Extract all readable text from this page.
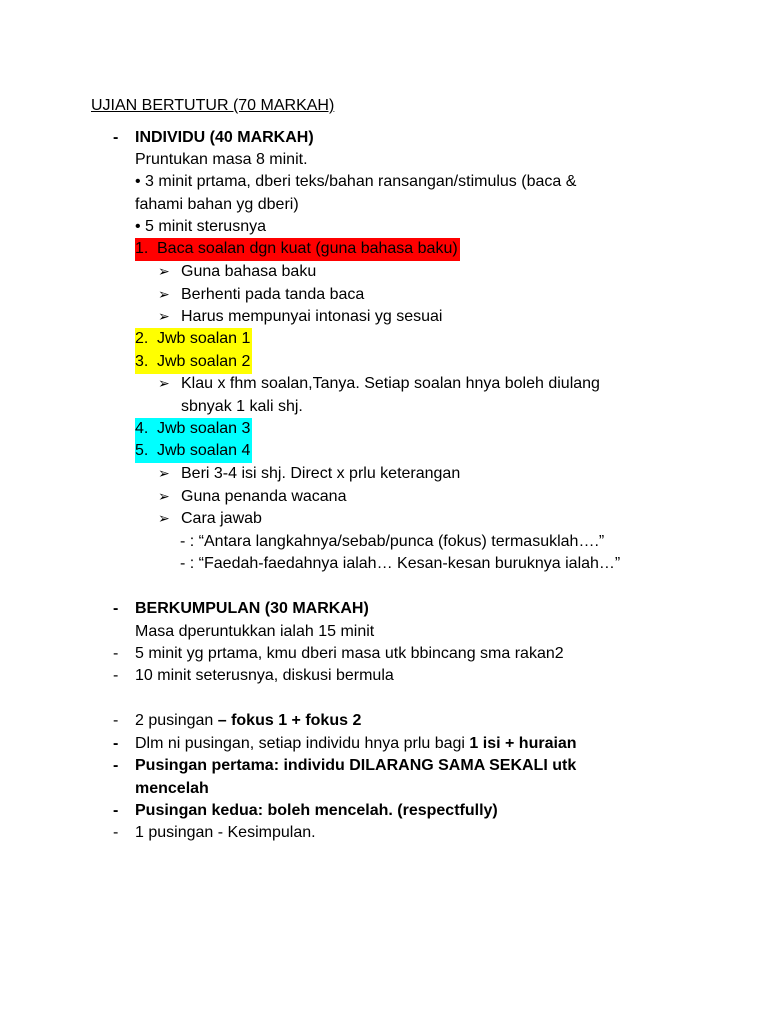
UJIAN BERTUTUR (70 MARKAH)
- INDIVIDU (40 MARKAH)
Pruntukan masa 8 minit.
• 3 minit prtama, dberi teks/bahan ransangan/stimulus (baca &
fahami bahan yg dberi)
• 5 minit sterusnya
1. Baca soalan dgn kuat (guna bahasa baku)
➢ Guna bahasa baku
➢ Berhenti pada tanda baca
➢ Harus mempunyai intonasi yg sesuai
2. Jwb soalan 1
3. Jwb soalan 2
➢ Klau x fhm soalan,Tanya. Setiap soalan hnya boleh diulang
sbnyak 1 kali shj.
4. Jwb soalan 3
5. Jwb soalan 4
➢ Beri 3-4 isi shj. Direct x prlu keterangan
➢ Guna penanda wacana
➢ Cara jawab
- : “Antara langkahnya/sebab/punca (fokus) termasuklah….”
- : “Faedah-faedahnya ialah… Kesan-kesan buruknya ialah…”
- BERKUMPULAN (30 MARKAH)
Masa dperuntukkan ialah 15 minit
- 5 minit yg prtama, kmu dberi masa utk bbincang sma rakan2
- 10 minit seterusnya, diskusi bermula
- 2 pusingan – fokus 1 + fokus 2
- Dlm ni pusingan, setiap individu hnya prlu bagi 1 isi + huraian
- Pusingan pertama: individu DILARANG SAMA SEKALI utk
mencelah
- Pusingan kedua: boleh mencelah. (respectfully)
- 1 pusingan - Kesimpulan.
